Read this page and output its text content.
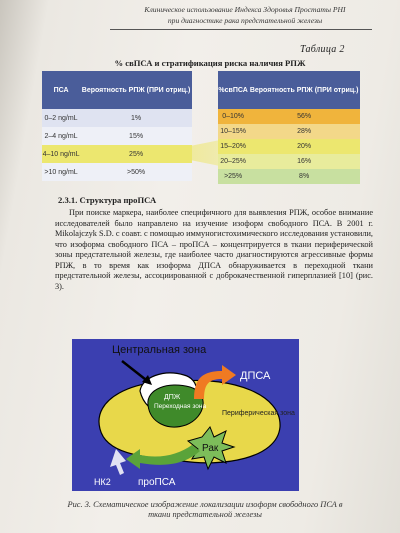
Клиническое использование Индекса Здоровья Простаты PHI
при диагностике рака предстательной железы
Таблица 2
% свПСА и стратификация риска наличия РПЖ
ПСА	Вероятность РПЖ (ПРИ отриц.)
0–2 ng/mL	1%
2–4 ng/mL	15%
4–10 ng/mL	25%
>10 ng/mL	>50%
%свПСА	Вероятность РПЖ (ПРИ отриц.)
0–10%	56%
10–15%	28%
15–20%	20%
20–25%	16%
>25%	8%
2.3.1. Структура проПСА
При поиске маркера, наиболее специфичного для выявления РПЖ, особое внимание исследователей было направлено на изучение изоформ свободного ПСА. В 2001 г. Mikolajczyk S.D. с соавт. с помощью иммуногистохимического исследования установили, что изоформа свободного ПСА – проПСА – концентрируется в ткани периферической зоны предстательной железы, где наиболее часто диагностируются агрессивные формы РПЖ, в то время как изоформа ДПСА обнаруживается в переходной ткани предстательной железы, ассоциированной с доброкачественной гиперплазией [10] (рис. 3).
Центральная зона
ДПСА
ДПЖ
Переходная зона
Периферическая зона
Рак
проПСА
НК2
Рис. 3. Схематическое изображение локализации изоформ свободного ПСА в ткани предстательной железы
